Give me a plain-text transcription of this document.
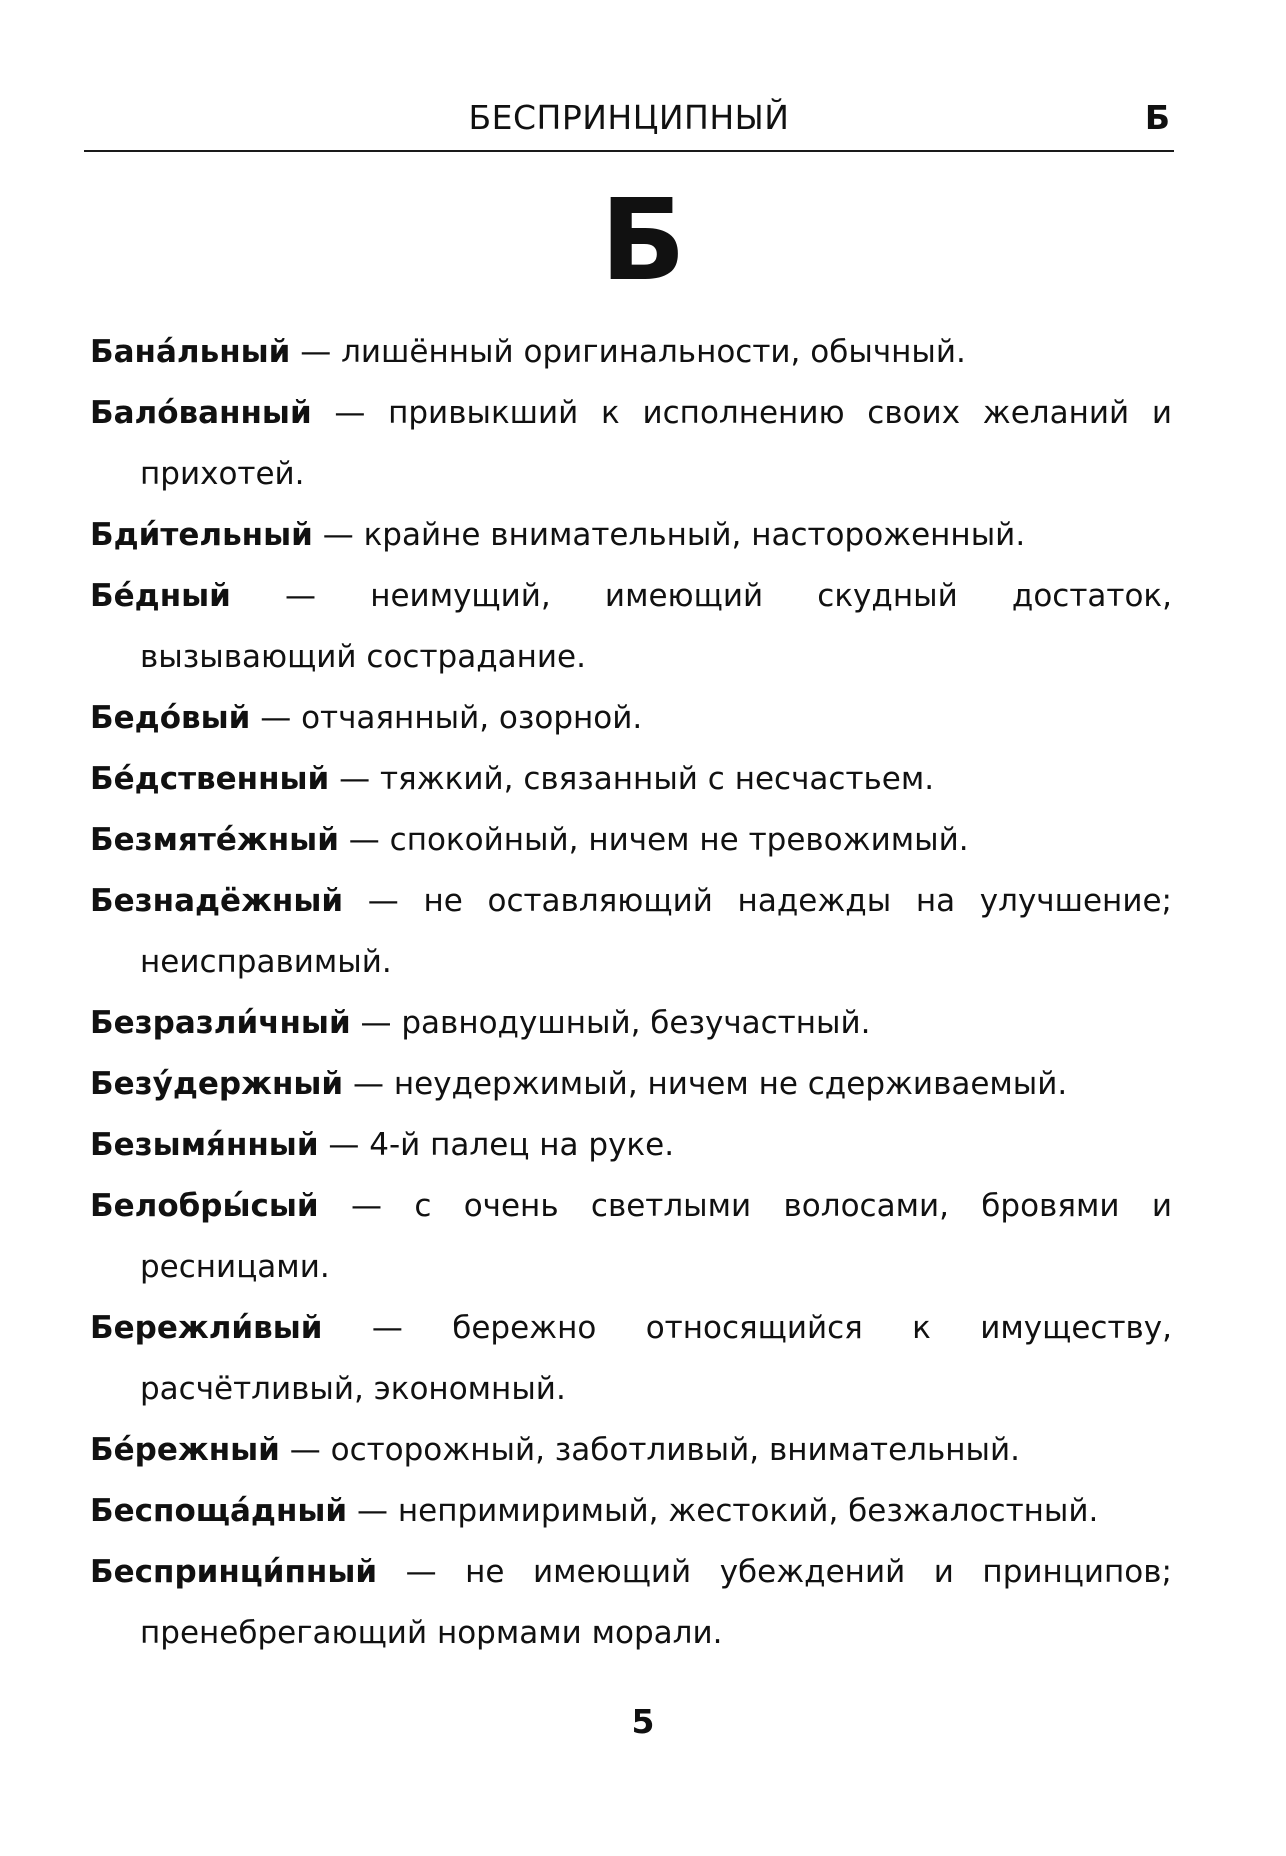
БЕСПРИНЦИПНЫЙ	Б
Б

Бана́льный — лишённый оригинальности, обычный.

Бало́ванный — привыкший к исполнению своих желаний и прихотей.

Бди́тельный — крайне внимательный, настороженный.

Бе́дный — неимущий, имеющий скудный достаток, вызывающий сострадание.

Бедо́вый — отчаянный, озорной.

Бе́дственный — тяжкий, связанный с несчастьем.

Безмяте́жный — спокойный, ничем не тревожимый.

Безнадёжный — не оставляющий надежды на улучшение; неисправимый.

Безразли́чный — равнодушный, безучастный.

Безу́держный — неудержимый, ничем не сдерживаемый.

Безымя́нный — 4-й палец на руке.

Белобры́сый — с очень светлыми волосами, бровями и ресницами.

Бережли́вый — бережно относящийся к имуществу, расчётливый, экономный.

Бе́режный — осторожный, заботливый, внимательный.

Беспоща́дный — непримиримый, жестокий, безжалостный.

Беспринци́пный — не имеющий убеждений и принципов; пренебрегающий нормами морали.

5
